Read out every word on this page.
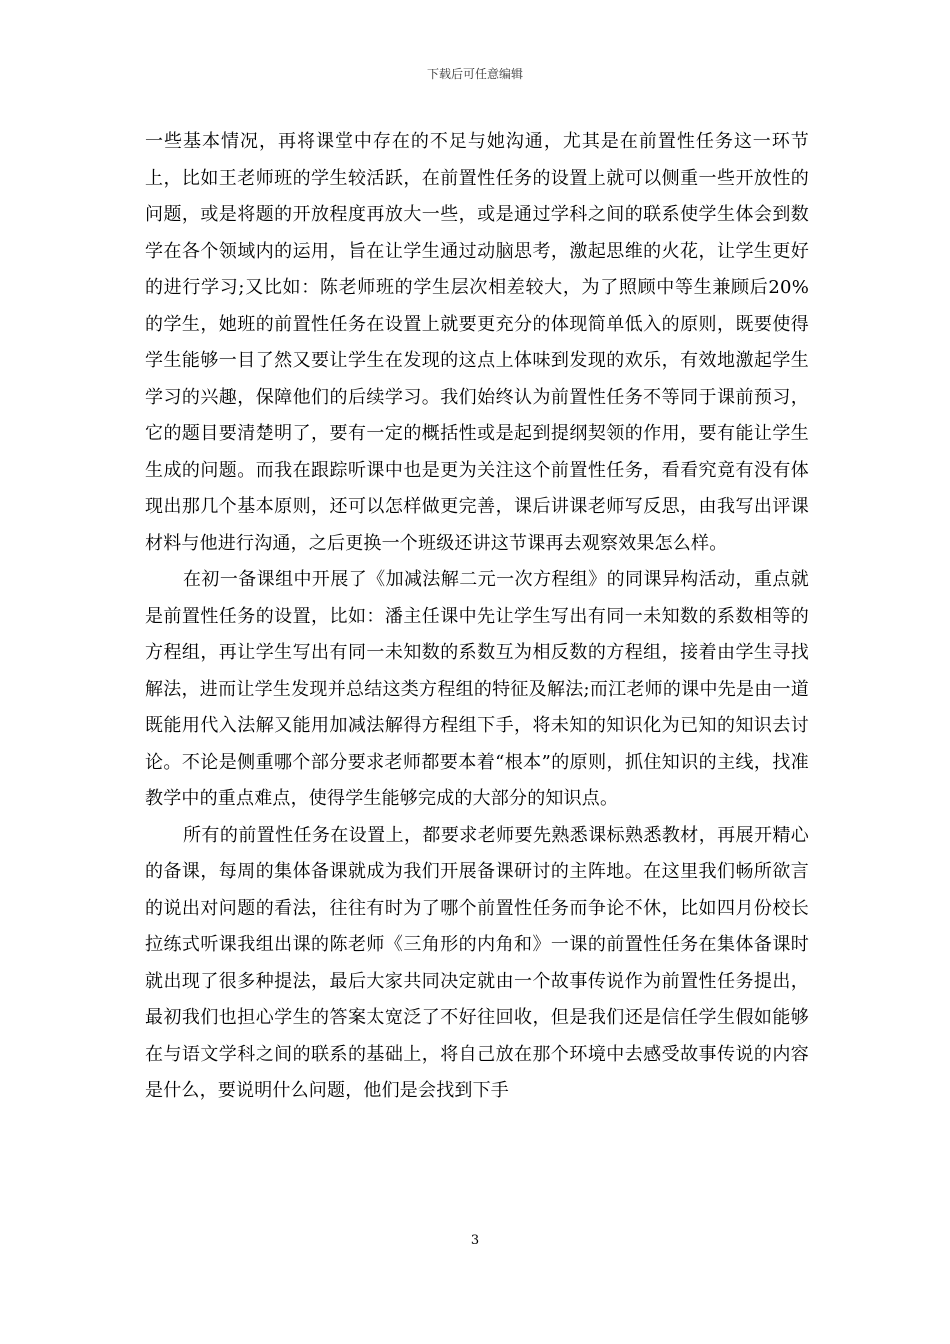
下载后可任意编辑

一些基本情况，再将课堂中存在的不足与她沟通，尤其是在前置性任务这一环节上，比如王老师班的学生较活跃，在前置性任务的设置上就可以侧重一些开放性的问题，或是将题的开放程度再放大一些，或是通过学科之间的联系使学生体会到数学在各个领域内的运用，旨在让学生通过动脑思考，激起思维的火花，让学生更好的进行学习;又比如：陈老师班的学生层次相差较大，为了照顾中等生兼顾后20%的学生，她班的前置性任务在设置上就要更充分的体现简单低入的原则，既要使得学生能够一目了然又要让学生在发现的这点上体味到发现的欢乐，有效地激起学生学习的兴趣，保障他们的后续学习。我们始终认为前置性任务不等同于课前预习，它的题目要清楚明了，要有一定的概括性或是起到提纲契领的作用，要有能让学生生成的问题。而我在跟踪听课中也是更为关注这个前置性任务，看看究竟有没有体现出那几个基本原则，还可以怎样做更完善，课后讲课老师写反思，由我写出评课材料与他进行沟通，之后更换一个班级还讲这节课再去观察效果怎么样。

在初一备课组中开展了《加减法解二元一次方程组》的同课异构活动，重点就是前置性任务的设置，比如：潘主任课中先让学生写出有同一未知数的系数相等的方程组，再让学生写出有同一未知数的系数互为相反数的方程组，接着由学生寻找解法，进而让学生发现并总结这类方程组的特征及解法;而江老师的课中先是由一道既能用代入法解又能用加减法解得方程组下手，将未知的知识化为已知的知识去讨论。不论是侧重哪个部分要求老师都要本着“根本”的原则，抓住知识的主线，找准教学中的重点难点，使得学生能够完成的大部分的知识点。

所有的前置性任务在设置上，都要求老师要先熟悉课标熟悉教材，再展开精心的备课，每周的集体备课就成为我们开展备课研讨的主阵地。在这里我们畅所欲言的说出对问题的看法，往往有时为了哪个前置性任务而争论不休，比如四月份校长拉练式听课我组出课的陈老师《三角形的内角和》一课的前置性任务在集体备课时就出现了很多种提法，最后大家共同决定就由一个故事传说作为前置性任务提出，最初我们也担心学生的答案太宽泛了不好往回收，但是我们还是信任学生假如能够在与语文学科之间的联系的基础上，将自己放在那个环境中去感受故事传说的内容是什么，要说明什么问题，他们是会找到下手

3
